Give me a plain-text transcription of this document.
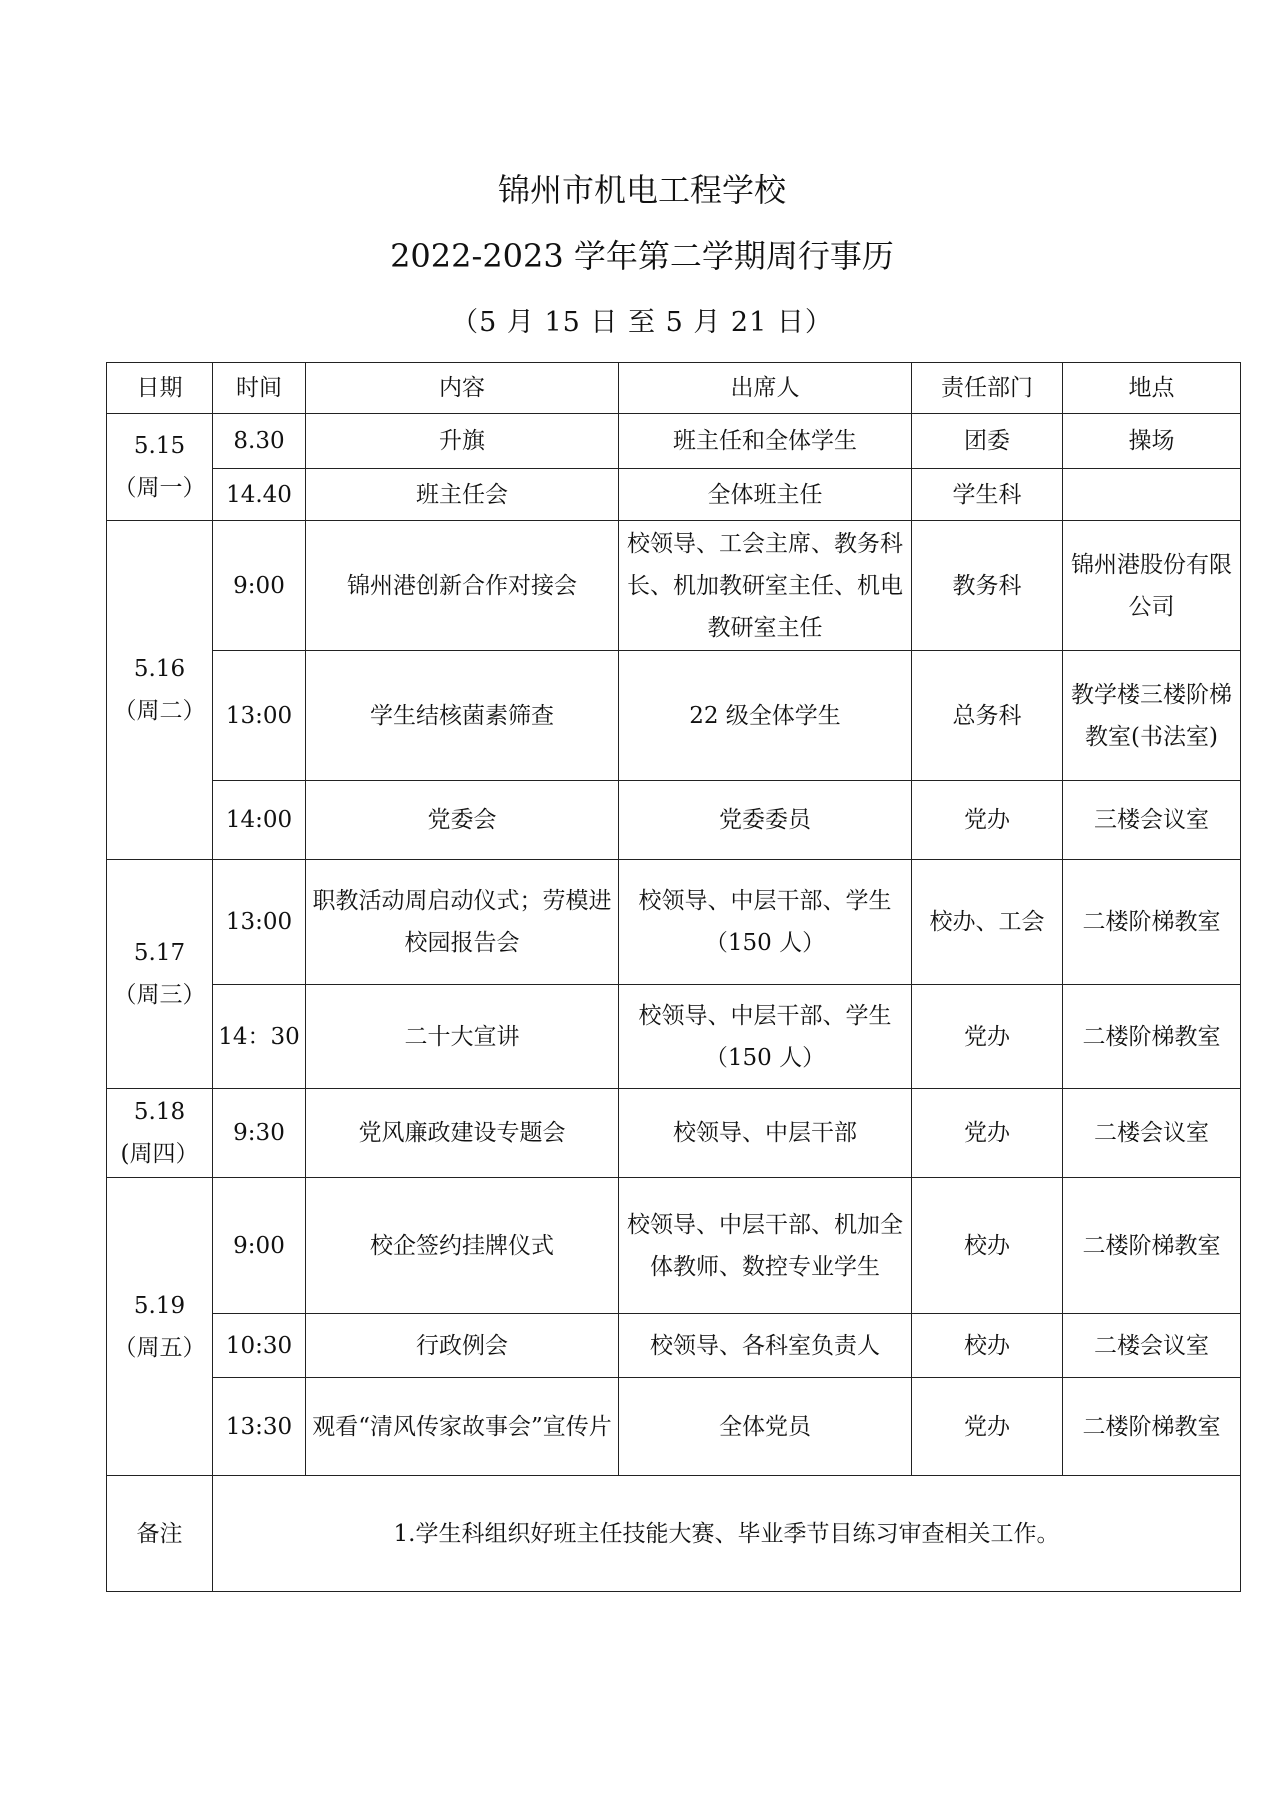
锦州市机电工程学校
2022-2023 学年第二学期周行事历
（5 月 15 日 至 5 月 21 日）
日期	时间	内容	出席人	责任部门	地点

5.15
（周一）	8.30	升旗	班主任和全体学生	团委	操场
	14.40	班主任会	全体班主任	学生科	

5.16
（周二）	9:00	锦州港创新合作对接会	校领导、工会主席、教务科长、机加教研室主任、机电教研室主任	教务科	锦州港股份有限公司
	13:00	学生结核菌素筛查	22 级全体学生	总务科	教学楼三楼阶梯教室(书法室)
	14:00	党委会	党委委员	党办	三楼会议室

5.17
（周三）	13:00	职教活动周启动仪式；劳模进校园报告会	校领导、中层干部、学生（150 人）	校办、工会	二楼阶梯教室
	14：30	二十大宣讲	校领导、中层干部、学生（150 人）	党办	二楼阶梯教室

5.18
(周四）	9:30	党风廉政建设专题会	校领导、中层干部	党办	二楼会议室

5.19
（周五）	9:00	校企签约挂牌仪式	校领导、中层干部、机加全体教师、数控专业学生	校办	二楼阶梯教室
	10:30	行政例会	校领导、各科室负责人	校办	二楼会议室
	13:30	观看“清风传家故事会”宣传片	全体党员	党办	二楼阶梯教室
备注	1.学生科组织好班主任技能大赛、毕业季节目练习审查相关工作。				
